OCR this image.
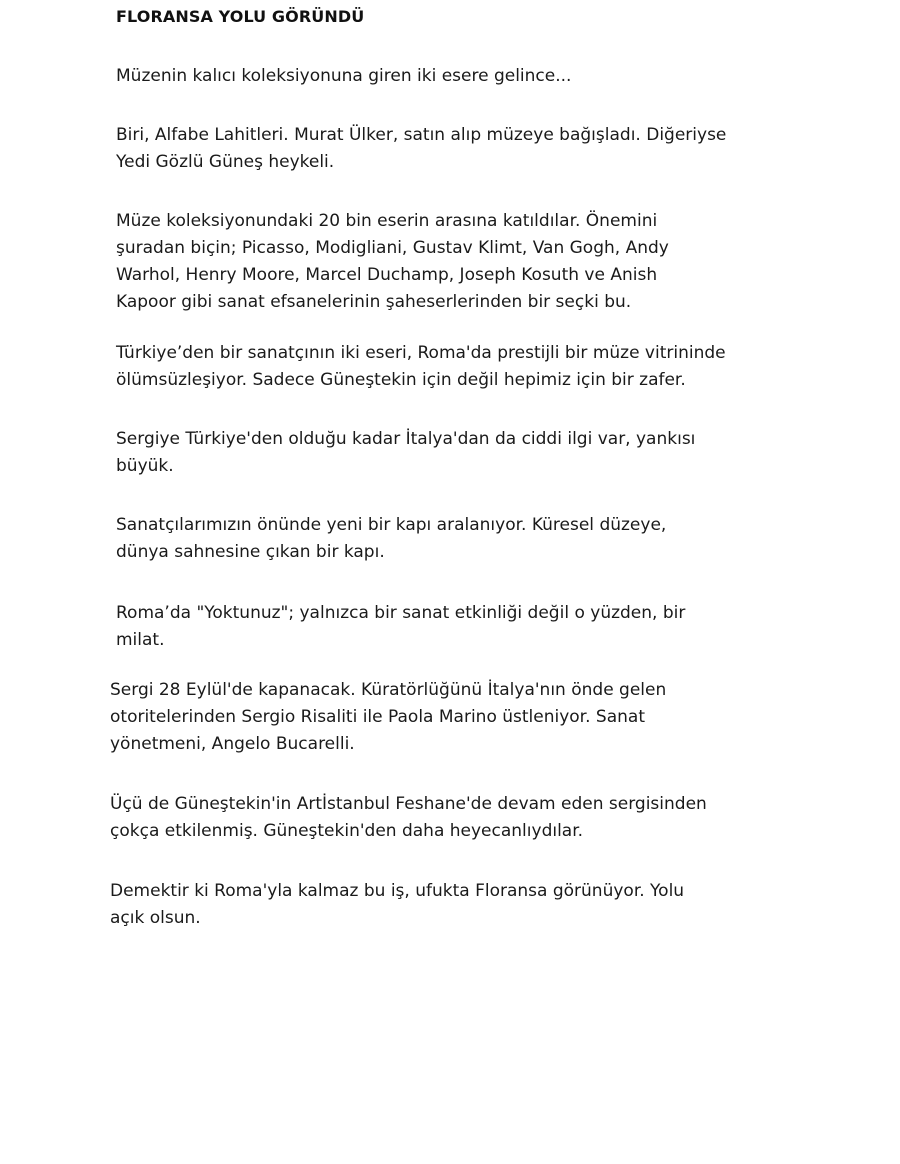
FLORANSA YOLU GÖRÜNDÜ

Müzenin kalıcı koleksiyonuna giren iki esere gelince...

Biri, Alfabe Lahitleri. Murat Ülker, satın alıp müzeye bağışladı. Diğeriyse
Yedi Gözlü Güneş heykeli.

Müze koleksiyonundaki 20 bin eserin arasına katıldılar. Önemini
şuradan biçin; Picasso, Modigliani, Gustav Klimt, Van Gogh, Andy
Warhol, Henry Moore, Marcel Duchamp, Joseph Kosuth ve Anish
Kapoor gibi sanat efsanelerinin şaheserlerinden bir seçki bu.

Türkiye’den bir sanatçının iki eseri, Roma'da prestijli bir müze vitrininde
ölümsüzleşiyor. Sadece Güneştekin için değil hepimiz için bir zafer.

Sergiye Türkiye'den olduğu kadar İtalya'dan da ciddi ilgi var, yankısı
büyük.

Sanatçılarımızın önünde yeni bir kapı aralanıyor. Küresel düzeye,
dünya sahnesine çıkan bir kapı.

Roma’da "Yoktunuz"; yalnızca bir sanat etkinliği değil o yüzden, bir
milat.

Sergi 28 Eylül'de kapanacak. Küratörlüğünü İtalya'nın önde gelen
otoritelerinden Sergio Risaliti ile Paola Marino üstleniyor. Sanat
yönetmeni, Angelo Bucarelli.

Üçü de Güneştekin'in Artİstanbul Feshane'de devam eden sergisinden
çokça etkilenmiş. Güneştekin'den daha heyecanlıydılar.

Demektir ki Roma'yla kalmaz bu iş, ufukta Floransa görünüyor. Yolu
açık olsun.
